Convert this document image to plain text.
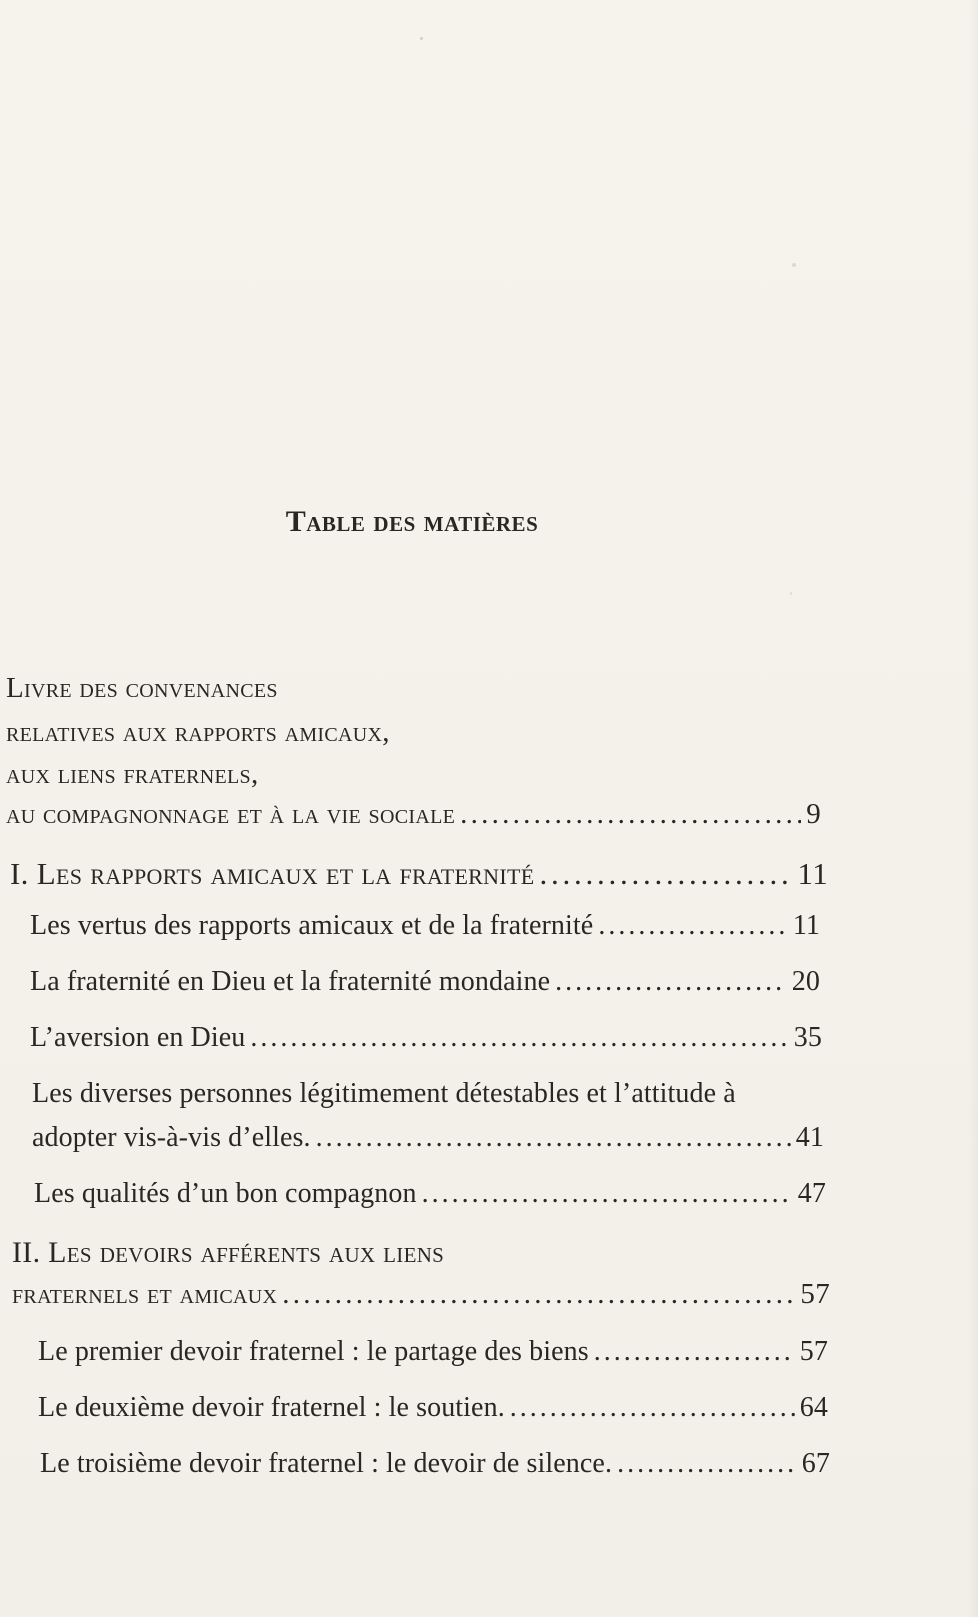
Table des matières
Livre des convenances
relatives aux rapports amicaux,
aux liens fraternels,
au compagnonnage et à la vie sociale . . .	9
I. Les rapports amicaux et la fraternité . . .	11
Les vertus des rapports amicaux et de la fraternité . . .	11
La fraternité en Dieu et la fraternité mondaine . . .	20
L’aversion en Dieu . . .	35
Les diverses personnes légitimement détestables et l’attitude à
adopter vis-à-vis d’elles. . . .	41
Les qualités d’un bon compagnon . . .	47
II. Les devoirs afférents aux liens
fraternels et amicaux . . .	57
Le premier devoir fraternel : le partage des biens . . .	57
Le deuxième devoir fraternel : le soutien. . . .	64
Le troisième devoir fraternel : le devoir de silence. . . .	67
